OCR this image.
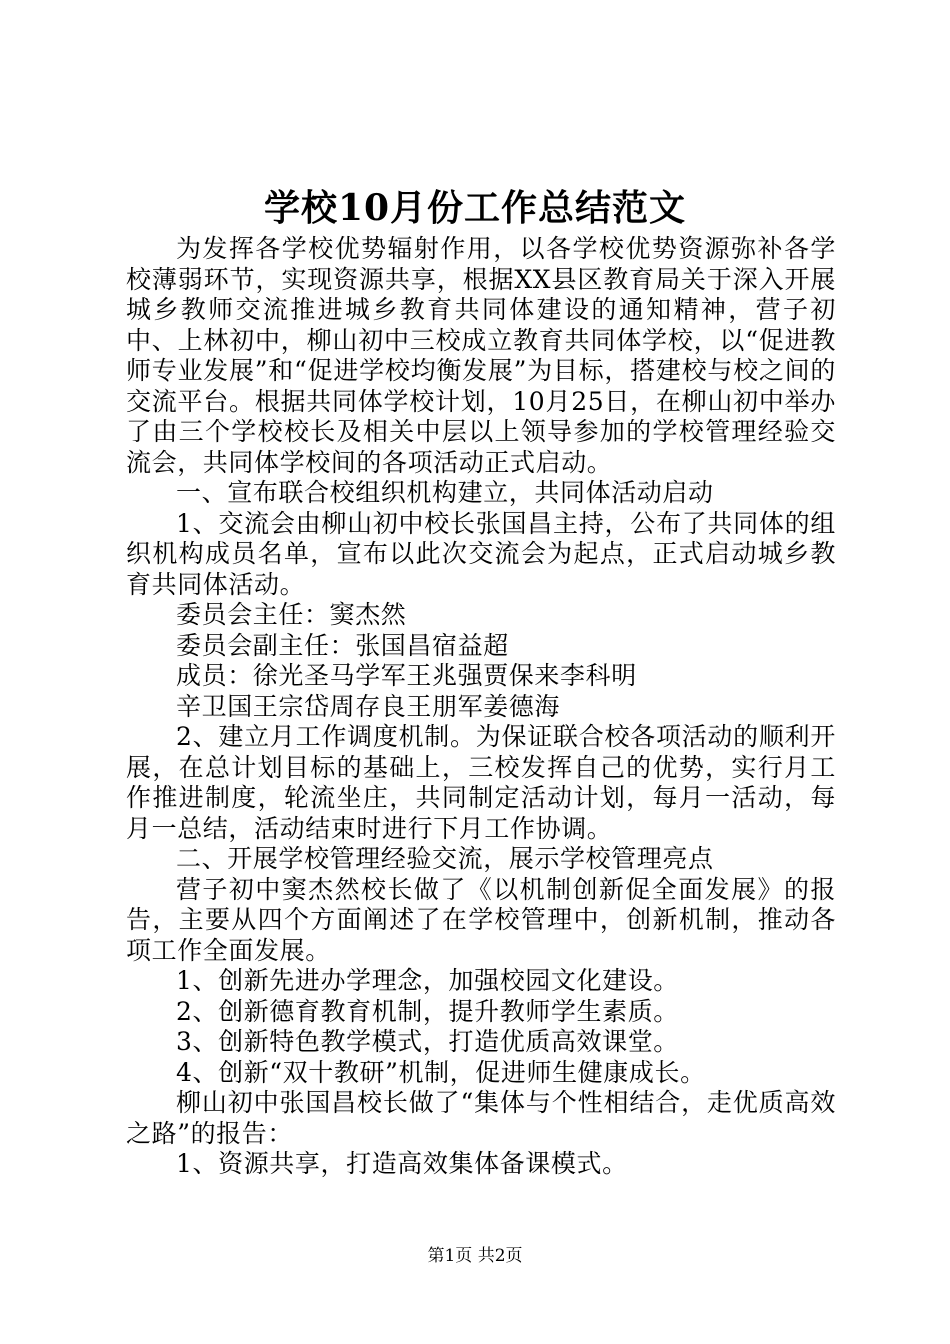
学校10月份工作总结范文

为发挥各学校优势辐射作用，以各学校优势资源弥补各学校薄弱环节，实现资源共享，根据XX县区教育局关于深入开展城乡教师交流推进城乡教育共同体建设的通知精神，营子初中、上林初中，柳山初中三校成立教育共同体学校，以“促进教师专业发展”和“促进学校均衡发展”为目标，搭建校与校之间的交流平台。根据共同体学校计划，10月25日，在柳山初中举办了由三个学校校长及相关中层以上领导参加的学校管理经验交流会，共同体学校间的各项活动正式启动。

一、宣布联合校组织机构建立，共同体活动启动

1、交流会由柳山初中校长张国昌主持，公布了共同体的组织机构成员名单，宣布以此次交流会为起点，正式启动城乡教育共同体活动。

委员会主任：窦杰然

委员会副主任：张国昌宿益超

成员：徐光圣马学军王兆强贾保来李科明

辛卫国王宗岱周存良王朋军姜德海

2、建立月工作调度机制。为保证联合校各项活动的顺利开展，在总计划目标的基础上，三校发挥自己的优势，实行月工作推进制度，轮流坐庄，共同制定活动计划，每月一活动，每月一总结，活动结束时进行下月工作协调。

二、开展学校管理经验交流，展示学校管理亮点

营子初中窦杰然校长做了《以机制创新促全面发展》的报告，主要从四个方面阐述了在学校管理中，创新机制，推动各项工作全面发展。

1、创新先进办学理念，加强校园文化建设。

2、创新德育教育机制，提升教师学生素质。

3、创新特色教学模式，打造优质高效课堂。

4、创新“双十教研”机制，促进师生健康成长。

柳山初中张国昌校长做了“集体与个性相结合，走优质高效之路”的报告：

1、资源共享，打造高效集体备课模式。

第1页 共2页
